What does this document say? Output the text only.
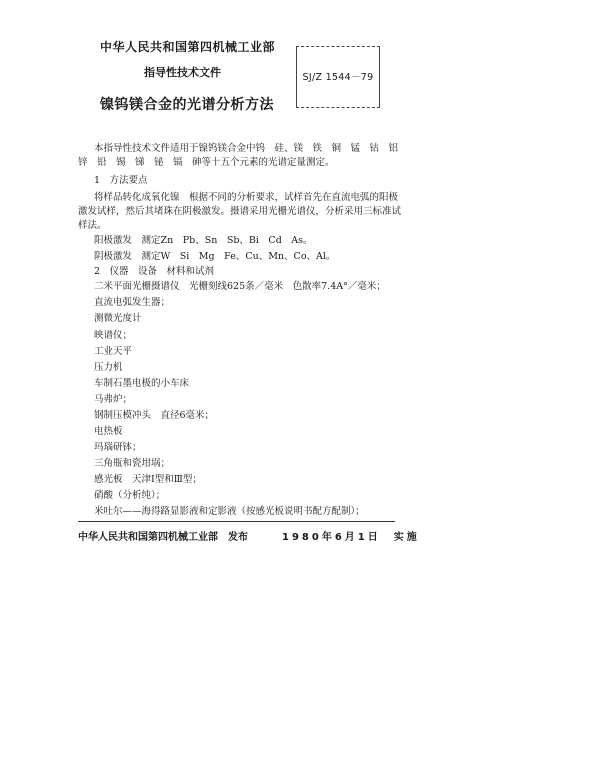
中华人民共和国第四机械工业部
指导性技术文件
镍钨镁合金的光谱分析方法
SJ/Z 1544－79
本指导性技术文件适用于镍钨镁合金中钨　硅、镁　铁　铜　锰　钴　铝
锌　铅　锡　锑　铋　镉　砷等十五个元素的光谱定量测定。
1　方法要点
将样品转化成氧化镍　根据不同的分析要求，试样首先在直流电弧的阳极
激发试样，然后其堵珠在阴极激发。摄谱采用光栅光谱仪，分析采用三标准试
样法。
阳极激发　测定Zn　Pb、Sn　Sb、Bi　Cd　As。
阴极激发　测定W　Si　Mg　Fe、Cu、Mn、Co、Al。
2　仪器　设备　材料和试剂
二米平面光栅摄谱仪　光栅刻线625条／毫米　色散率7.4A°／毫米；
直流电弧发生器；
测微光度计
映谱仪；
工业天平
压力机
车制石墨电极的小车床
马弗炉；
钢制压模冲头　直径6毫米；
电热板
玛瑙研钵；
三角瓶和瓷坩埚；
感光板　天津Ⅰ型和Ⅲ型；
硝酸（分析纯）；
米吐尔——海得路显影液和定影液（按感光板说明书配方配制）；
中华人民共和国第四机械工业部　发布	1980年6月1日　实施
